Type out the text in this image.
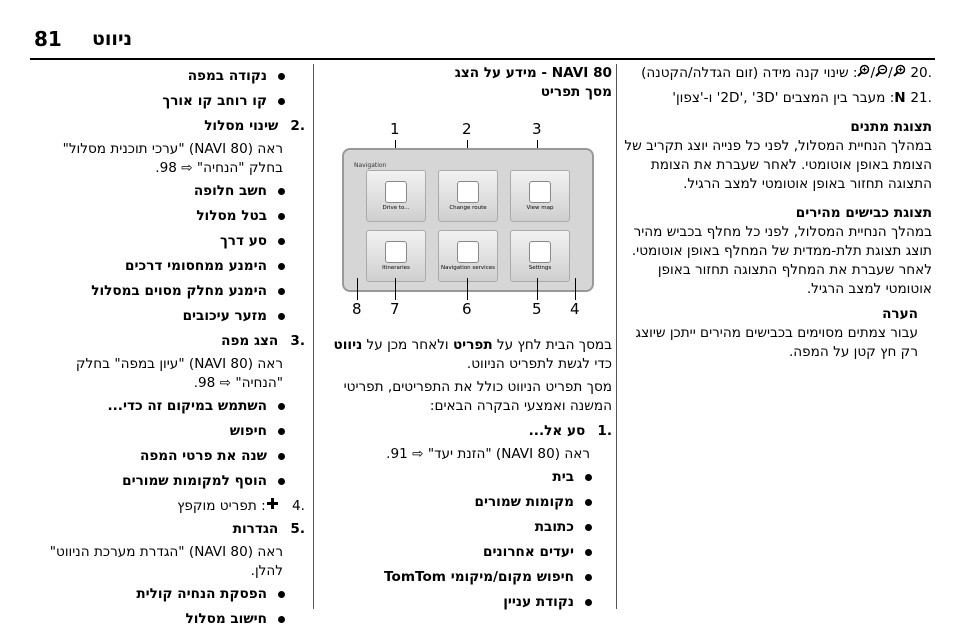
81 ניווט
.20 //: שינוי קנה מידה (זום הגדלה/הקטנה)
.21 N: מעבר בין המצבים '2D', '3D' ו-'צפון'
תצוגת מתנים
במהלך הנחיית המסלול, לפני כל פנייה יוצג תקריב של הצומת באופן אוטומטי. לאחר שעברת את הצומת התצוגה תחזור באופן אוטומטי למצב הרגיל.
תצוגת כבישים מהירים
במהלך הנחיית המסלול, לפני כל מחלף בכביש מהיר תוצג תצוגת תלת-ממדית של המחלף באופן אוטומטי. לאחר שעברת את המחלף התצוגה תחזור באופן אוטומטי למצב הרגיל.
הערה
עבור צמתים מסוימים בכבישים מהירים ייתכן שיוצג רק חץ קטן על המפה.
NAVI 80 - מידע על הצג
מסך תפריט
1	2	3
Navigation
Drive to...	Change route	View map
Itineraries	Navigation services	Settings
8 7	6	5 4
במסך הבית לחץ על תפריט ולאחר מכן על ניווט כדי לגשת לתפריט הניווט.
מסך תפריט הניווט כולל את התפריטים, תפריטי המשנה ואמצעי הבקרה הבאים:
.1 סע אל...
ראה (NAVI 80) "הזנת יעד" ⇨ 91.
בית
מקומות שמורים
כתובת
יעדים אחרונים
חיפוש מקום/מיקומי TomTom
נקודת עניין
נקודה במפה
קו רוחב קו אורך
.2 שינוי מסלול
ראה (NAVI 80) "ערכי תוכנית מסלול" בחלק "הנחיה" ⇨ 98.
חשב חלופה
בטל מסלול
סע דרך
הימנע ממחסומי דרכים
הימנע מחלק מסוים במסלול
מזער עיכובים
.3 הצג מפה
ראה (NAVI 80) "עיון במפה" בחלק "הנחיה" ⇨ 98.
השתמש במיקום זה כדי...
חיפוש
שנה את פרטי המפה
הוסף למקומות שמורים
.4 : תפריט מוקפץ
.5 הגדרות
ראה (NAVI 80) "הגדרת מערכת הניווט" להלן.
הפסקת הנחיה קולית
חישוב מסלול
